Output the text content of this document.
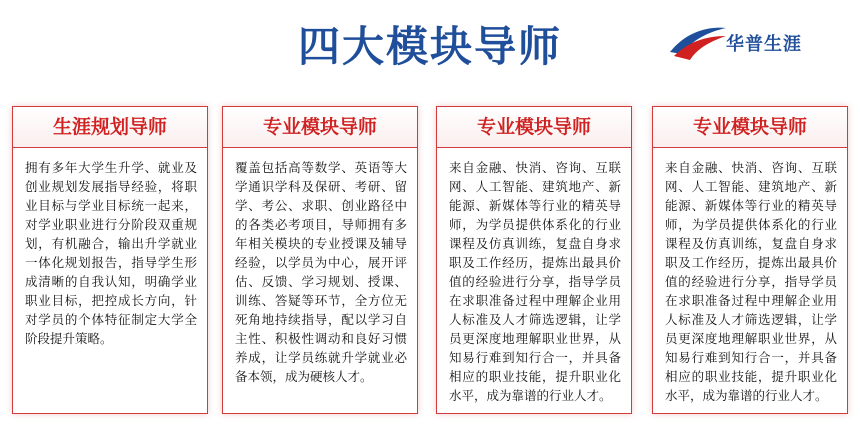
四大模块导师	华普生涯
生涯规划导师
拥有多年大学生升学、就业及创业规划发展指导经验，将职业目标与学业目标统一起来，对学业职业进行分阶段双重规划，有机融合，输出升学就业一体化规划报告，指导学生形成清晰的自我认知，明确学业职业目标，把控成长方向，针对学员的个体特征制定大学全阶段提升策略。
专业模块导师
覆盖包括高等数学、英语等大学通识学科及保研、考研、留学、考公、求职、创业路径中的各类必考项目，导师拥有多年相关模块的专业授课及辅导经验，以学员为中心，展开评估、反馈、学习规划、授课、训练、答疑等环节，全方位无死角地持续指导，配以学习自主性、积极性调动和良好习惯养成，让学员练就升学就业必备本领，成为硬核人才。
专业模块导师
来自金融、快消、咨询、互联网、人工智能、建筑地产、新能源、新媒体等行业的精英导师，为学员提供体系化的行业课程及仿真训练，复盘自身求职及工作经历，提炼出最具价值的经验进行分享，指导学员在求职准备过程中理解企业用人标准及人才筛选逻辑，让学员更深度地理解职业世界，从知易行难到知行合一，并具备相应的职业技能，提升职业化水平，成为靠谱的行业人才。
专业模块导师
来自金融、快消、咨询、互联网、人工智能、建筑地产、新能源、新媒体等行业的精英导师，为学员提供体系化的行业课程及仿真训练，复盘自身求职及工作经历，提炼出最具价值的经验进行分享，指导学员在求职准备过程中理解企业用人标准及人才筛选逻辑，让学员更深度地理解职业世界，从知易行难到知行合一，并具备相应的职业技能，提升职业化水平，成为靠谱的行业人才。
